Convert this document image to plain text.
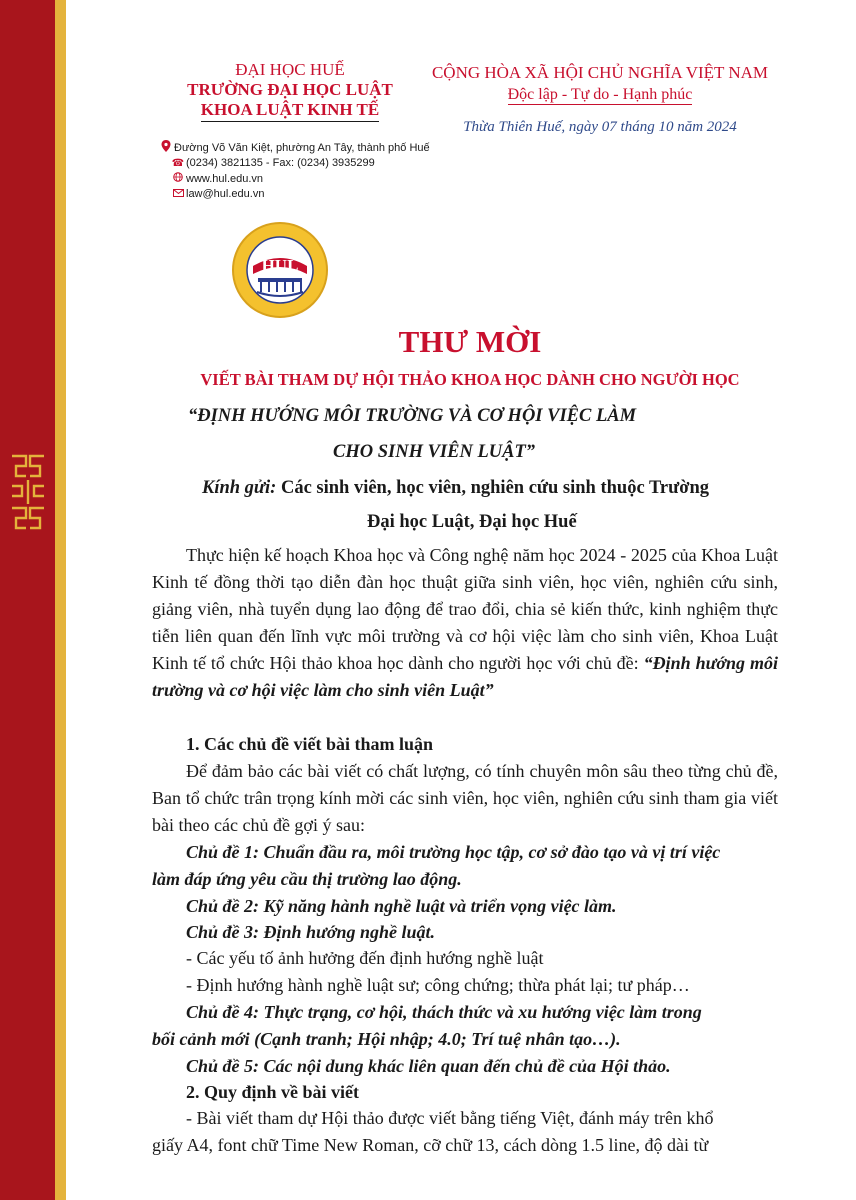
ĐẠI HỌC HUẾ
TRƯỜNG ĐẠI HỌC LUẬT
KHOA LUẬT KINH TẾ
CỘNG HÒA XÃ HỘI CHỦ NGHĨA VIỆT NAM
Độc lập - Tự do - Hạnh phúc
Thừa Thiên Huế, ngày 07 tháng 10 năm 2024
Đường Võ Văn Kiệt, phường An Tây, thành phố Huế
☎ (0234) 3821135 - Fax: (0234) 3935299
www.hul.edu.vn
law@hul.edu.vn
HUL
THƯ MỜI
VIẾT BÀI THAM DỰ HỘI THẢO KHOA HỌC DÀNH CHO NGƯỜI HỌC
“ĐỊNH HƯỚNG MÔI TRƯỜNG VÀ CƠ HỘI VIỆC LÀM
CHO SINH VIÊN LUẬT”
Kính gửi: Các sinh viên, học viên, nghiên cứu sinh thuộc Trường
Đại học Luật, Đại học Huế
Thực hiện kế hoạch Khoa học và Công nghệ năm học 2024 - 2025 của Khoa Luật Kinh tế đồng thời tạo diễn đàn học thuật giữa sinh viên, học viên, nghiên cứu sinh, giảng viên, nhà tuyển dụng lao động để trao đổi, chia sẻ kiến thức, kinh nghiệm thực tiễn liên quan đến lĩnh vực môi trường và cơ hội việc làm cho sinh viên, Khoa Luật Kinh tế tổ chức Hội thảo khoa học dành cho người học với chủ đề: “Định hướng môi trường và cơ hội việc làm cho sinh viên Luật”
1. Các chủ đề viết bài tham luận
Để đảm bảo các bài viết có chất lượng, có tính chuyên môn sâu theo từng chủ đề, Ban tổ chức trân trọng kính mời các sinh viên, học viên, nghiên cứu sinh tham gia viết bài theo các chủ đề gợi ý sau:
Chủ đề 1: Chuẩn đầu ra, môi trường học tập, cơ sở đào tạo và vị trí việc
làm đáp ứng yêu cầu thị trường lao động.
Chủ đề 2: Kỹ năng hành nghề luật và triển vọng việc làm.
Chủ đề 3: Định hướng nghề luật.
- Các yếu tố ảnh hưởng đến định hướng nghề luật
- Định hướng hành nghề luật sư; công chứng; thừa phát lại; tư pháp…
Chủ đề 4: Thực trạng, cơ hội, thách thức và xu hướng việc làm trong
bối cảnh mới (Cạnh tranh; Hội nhập; 4.0; Trí tuệ nhân tạo…).
Chủ đề 5: Các nội dung khác liên quan đến chủ đề của Hội thảo.
2. Quy định về bài viết
- Bài viết tham dự Hội thảo được viết bằng tiếng Việt, đánh máy trên khổ
giấy A4, font chữ Time New Roman, cỡ chữ 13, cách dòng 1.5 line, độ dài từ
